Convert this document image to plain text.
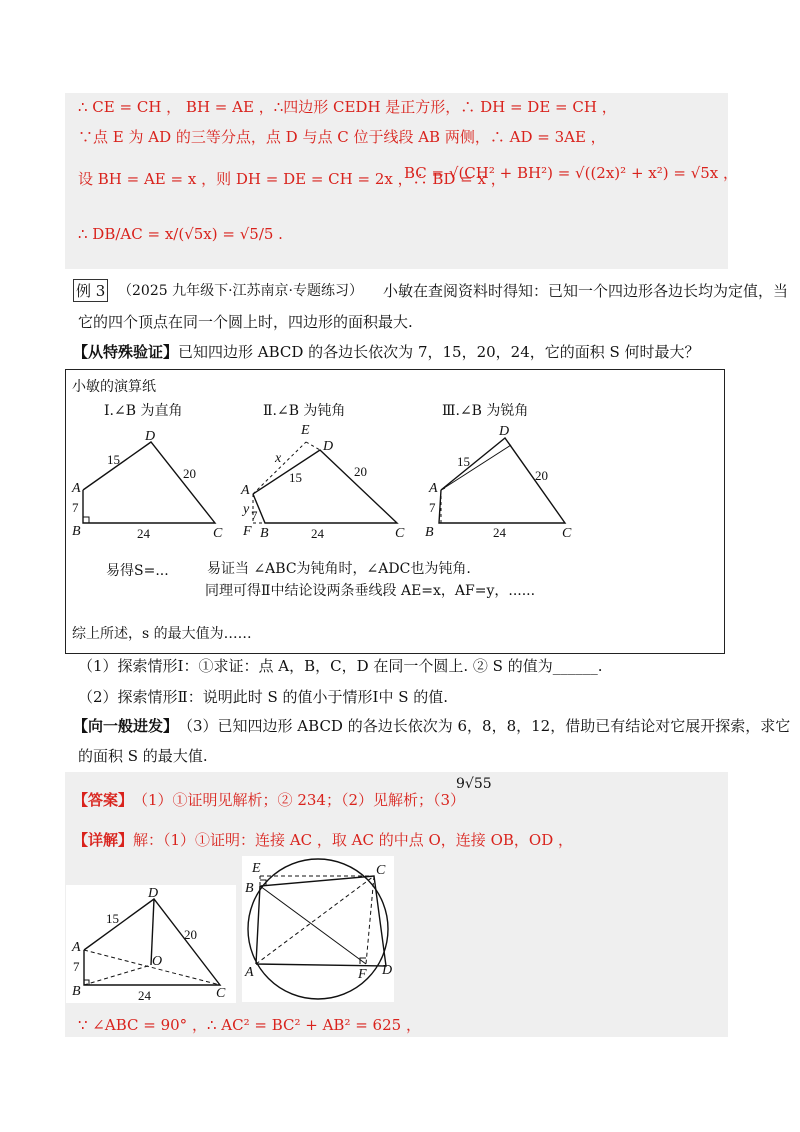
∴ CE = CH ， BH = AE ，∴四边形 CEDH 是正方形，∴ DH = DE = CH ，
∵点 E 为 AD 的三等分点，点 D 与点 C 位于线段 AB 两侧，∴ AD = 3AE ，
设 BH = AE = x ，则 DH = DE = CH = 2x ，∴ BD = x ，
BC = √(CH² + BH²) = √((2x)² + x²) = √5x ，
∴ DB/AC = x/(√5x) = √5/5 .
例 3 （2025 九年级下·江苏南京·专题练习） 小敏在查阅资料时得知：已知一个四边形各边长均为定值，当
它的四个顶点在同一个圆上时，四边形的面积最大.
【从特殊验证】 已知四边形 ABCD 的各边长依次为 7，15，20，24，它的面积 S 何时最大？
小敏的演算纸
I.∠B 为直角	Ⅱ.∠B 为钝角	Ⅲ.∠B 为锐角
D
A
B	C
15
20
7
24
E
D
A
F B	C
x
y
15	20
7
24
D
A
B	C
15
20
7
24
易得S=...	易证当 ∠ABC为钝角时，∠ADC也为钝角.
同理可得Ⅱ中结论设两条垂线段 AE=x，AF=y，......
综上所述，s 的最大值为……
（1）探索情形Ⅰ：①求证：点 A，B，C，D 在同一个圆上. ② S 的值为______.
（2）探索情形Ⅱ：说明此时 S 的值小于情形Ⅰ中 S 的值.
【向一般进发】 （3）已知四边形 ABCD 的各边长依次为 6，8，8，12，借助已有结论对它展开探索，求它
的面积 S 的最大值.
【答案】 （1）①证明见解析；② 234；（2）见解析；（3）
9√55
【详解】 解：（1）①证明：连接 AC ，取 AC 的中点 O，连接 OB，OD ，
D
A
B	C
O
15
20
7
24
E	C
B
A	F D
∵ ∠ABC = 90° ，∴ AC² = BC² + AB² = 625 ，
